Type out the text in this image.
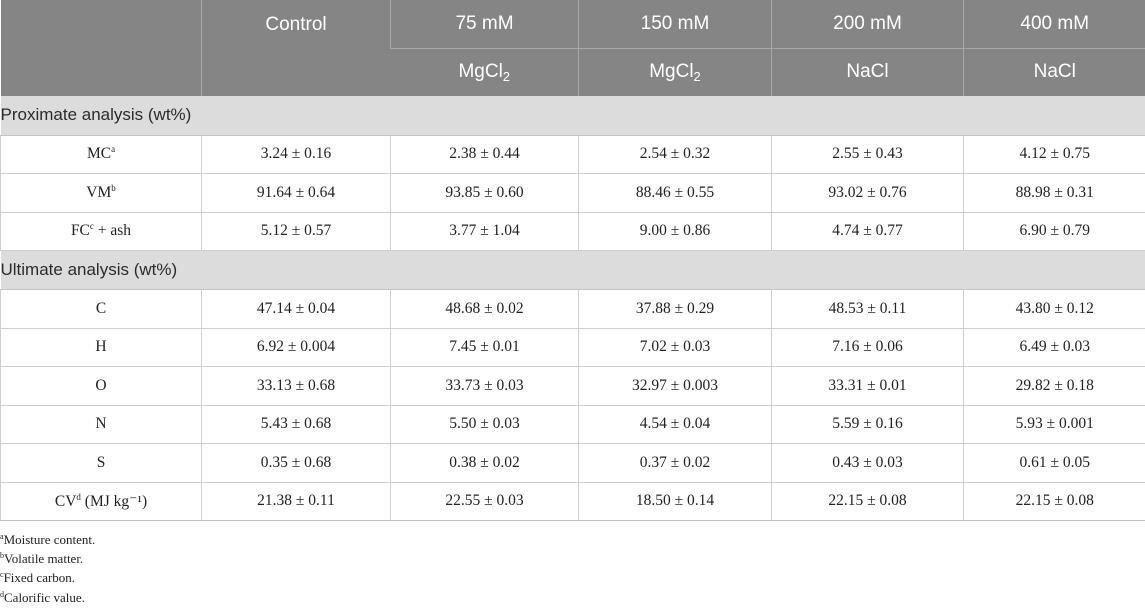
	Control	75 mM	150 mM	200 mM	400 mM
		MgCl$_2$	MgCl$_2$	NaCl	NaCl
Proximate analysis (wt%)					
$MC^a$	3.24 ± 0.16	2.38 ± 0.44	2.54 ± 0.32	2.55 ± 0.43	4.12 ± 0.75
$VM^b$	91.64 ± 0.64	93.85 ± 0.60	88.46 ± 0.55	93.02 ± 0.76	88.98 ± 0.31
$FC^c$ + ash	5.12 ± 0.57	3.77 ± 1.04	9.00 ± 0.86	4.74 ± 0.77	6.90 ± 0.79
Ultimate analysis (wt%)					
C	47.14 ± 0.04	48.68 ± 0.02	37.88 ± 0.29	48.53 ± 0.11	43.80 ± 0.12
H	6.92 ± 0.004	7.45 ± 0.01	7.02 ± 0.03	7.16 ± 0.06	6.49 ± 0.03
O	33.13 ± 0.68	33.73 ± 0.03	32.97 ± 0.003	33.31 ± 0.01	29.82 ± 0.18
N	5.43 ± 0.68	5.50 ± 0.03	4.54 ± 0.04	5.59 ± 0.16	5.93 ± 0.001
S	0.35 ± 0.68	0.38 ± 0.02	0.37 ± 0.02	0.43 ± 0.03	0.61 ± 0.05
$CV^d$ (MJ kg⁻¹)	21.38 ± 0.11	22.55 ± 0.03	18.50 ± 0.14	22.15 ± 0.08	22.15 ± 0.08
$^a$Moisture content.
$^b$Volatile matter.
$^c$Fixed carbon.
$^d$Calorific value.
